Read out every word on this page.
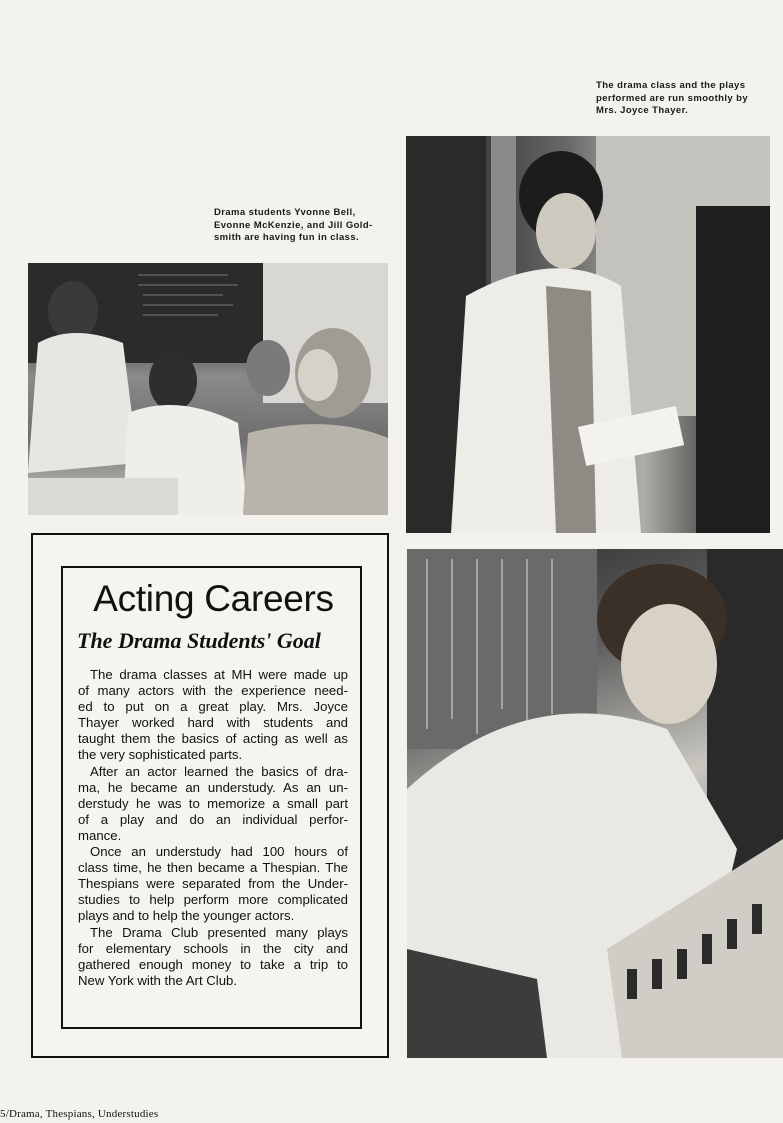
The drama class and the plays
performed are run smoothly by
Mrs. Joyce Thayer.
Drama students Yvonne Bell,
Evonne McKenzie, and Jill Gold-
smith are having fun in class.
Acting Careers
The Drama Students' Goal
The drama classes at MH were made up
of many actors with the experience need-
ed to put on a great play. Mrs. Joyce
Thayer worked hard with students and
taught them the basics of acting as well as
the very sophisticated parts.
After an actor learned the basics of dra-
ma, he became an understudy. As an un-
derstudy he was to memorize a small part
of a play and do an individual perfor-
mance.
Once an understudy had 100 hours of
class time, he then became a Thespian. The
Thespians were separated from the Under-
studies to help perform more complicated
plays and to help the younger actors.
The Drama Club presented many plays
for elementary schools in the city and
gathered enough money to take a trip to
New York with the Art Club.
5/Drama, Thespians, Understudies
